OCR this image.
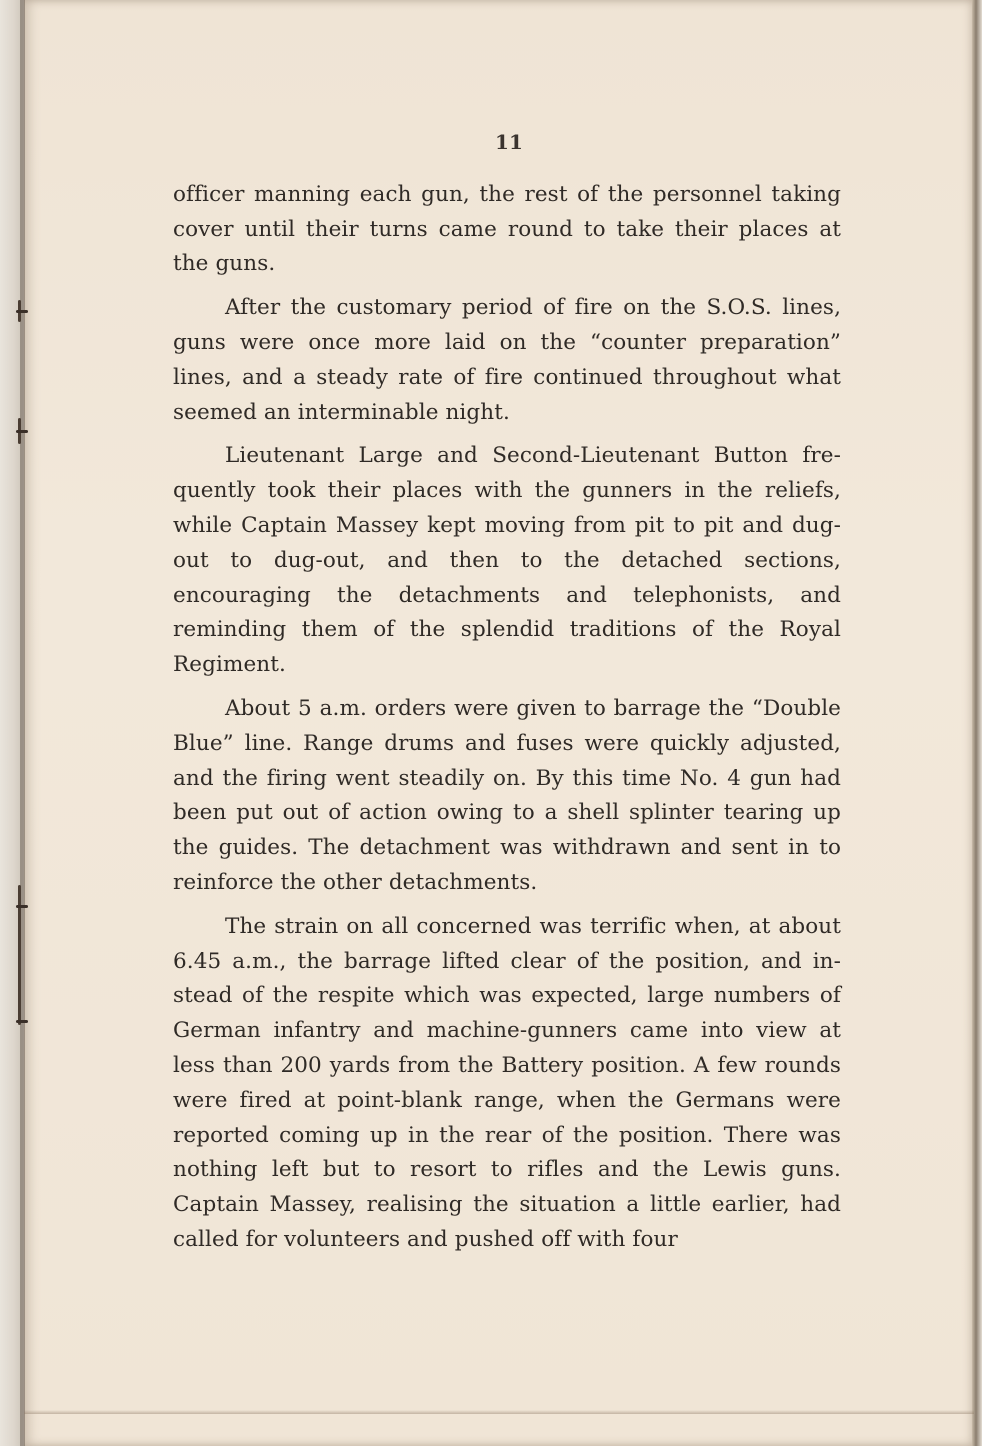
11

officer manning each gun, the rest of the personnel taking cover until their turns came round to take their places at the guns.

After the customary period of fire on the S.O.S. lines, guns were once more laid on the “counter preparation” lines, and a steady rate of fire continued throughout what seemed an interminable night.

Lieutenant Large and Second-Lieutenant Button fre-quently took their places with the gunners in the reliefs, while Captain Massey kept moving from pit to pit and dug-out to dug-out, and then to the detached sections, encouraging the detachments and telephonists, and reminding them of the splendid traditions of the Royal Regiment.

About 5 a.m. orders were given to barrage the “Double Blue” line. Range drums and fuses were quickly adjusted, and the firing went steadily on. By this time No. 4 gun had been put out of action owing to a shell splinter tearing up the guides. The detachment was withdrawn and sent in to reinforce the other detachments.

The strain on all concerned was terrific when, at about 6.45 a.m., the barrage lifted clear of the position, and in-stead of the respite which was expected, large numbers of German infantry and machine-gunners came into view at less than 200 yards from the Battery position. A few rounds were fired at point-blank range, when the Germans were reported coming up in the rear of the position. There was nothing left but to resort to rifles and the Lewis guns. Captain Massey, realising the situation a little earlier, had called for volunteers and pushed off with four
